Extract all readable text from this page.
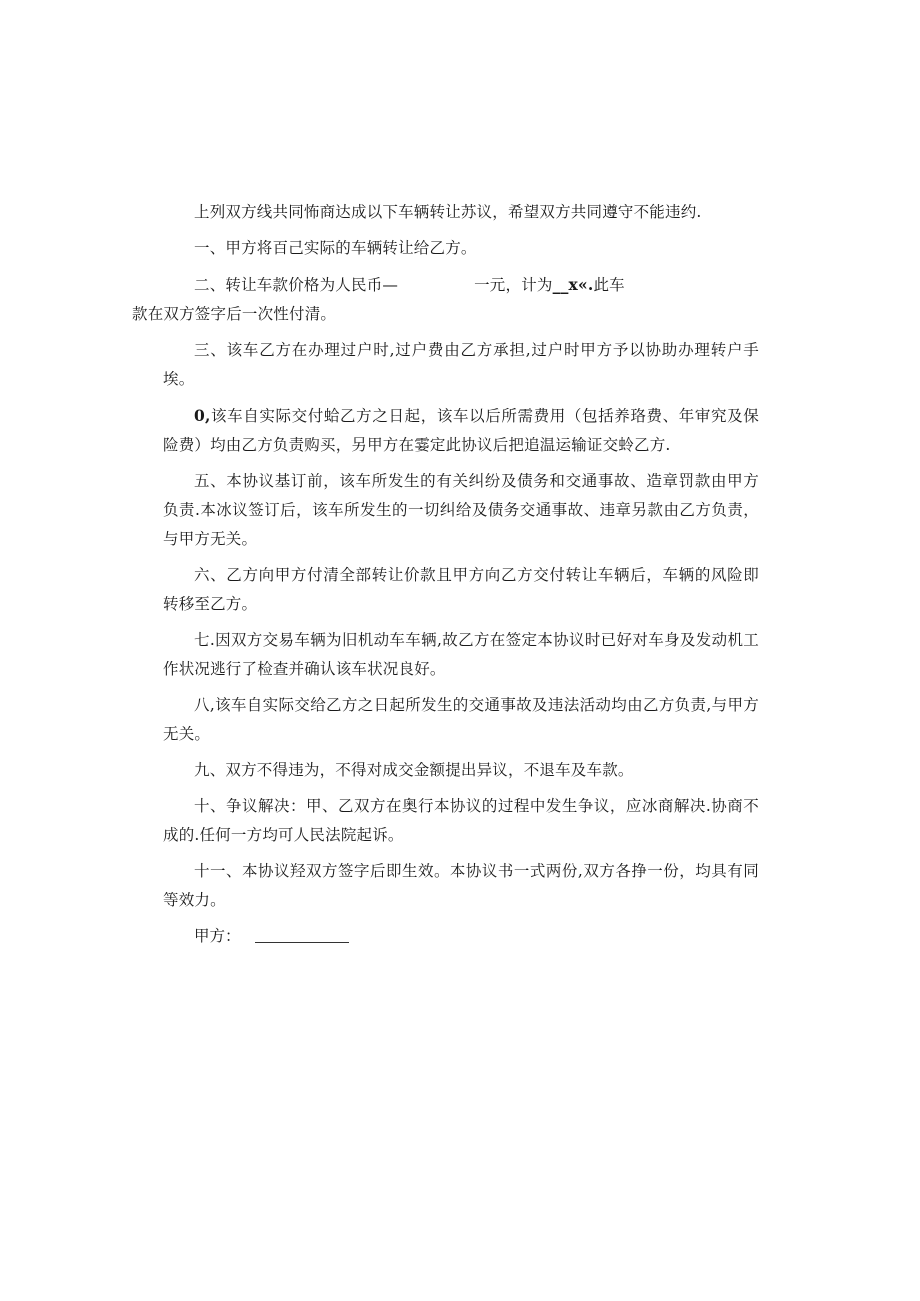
上列双方线共同怖商达成以下车辆转让苏议，希望双方共同遵守不能违约.

一、甲方将百己实际的车辆转让给乙方。

二、转让车款价格为人民币—	一元，计为__x«.此车
款在双方签字后一次性付清。

三、该车乙方在办理过户时,过户费由乙方承担,过户时甲方予以协助办理转户手埃。

0,该车自实际交付蛤乙方之日起，该车以后所需费用（包括养珞费、年审究及保险费）均由乙方负责购买，另甲方在霎定此协议后把追温运输证交蛉乙方.

五、本协议基订前，该车所发生的有关纠纷及债务和交通事故、造章罚款由甲方负责.本冰议签订后，该车所发生的一切纠给及债务交通事故、违章另款由乙方负责，与甲方无关。

六、乙方向甲方付清全部转让价款且甲方向乙方交付转让车辆后，车辆的风险即转移至乙方。

七.因双方交易车辆为旧机动车车辆,故乙方在签定本协议时已好对车身及发动机工作状况逃行了检查并确认该车状况良好。

八,该车自实际交给乙方之日起所发生的交通事故及违法活动均由乙方负责,与甲方无关。

九、双方不得违为，不得对成交金额提出异议，不退车及车款。

十、争议解决：甲、乙双方在奥行本协议的过程中发生争议，应冰商解决.协商不成的.任何一方均可人民法院起诉。

十一、本协议羟双方签字后即生效。本协议书一式两份,双方各挣一份，均具有同等效力。

甲方：
